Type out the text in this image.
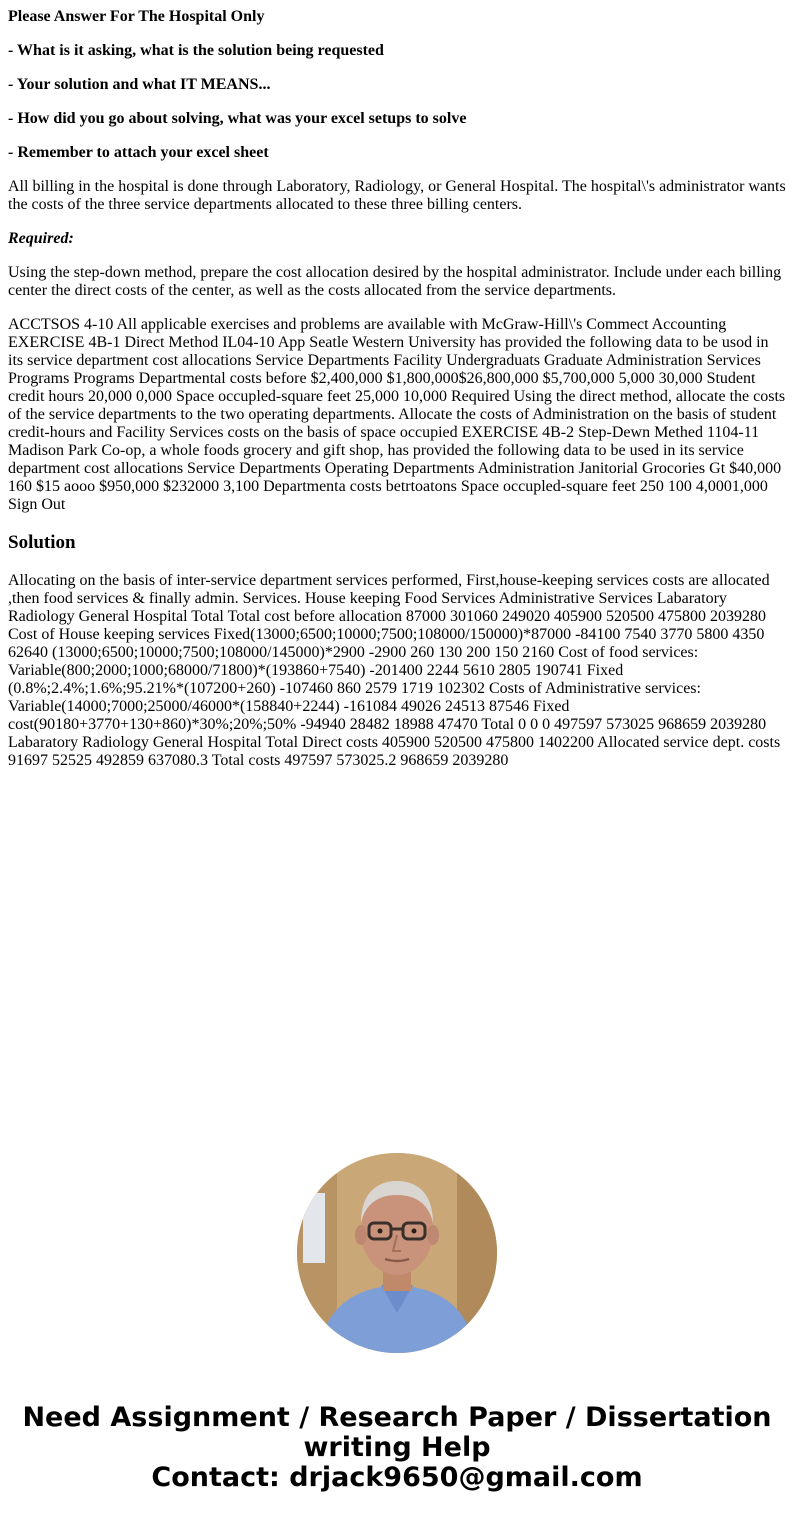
Please Answer For The Hospital Only
- What is it asking, what is the solution being requested
- Your solution and what IT MEANS...
- How did you go about solving, what was your excel setups to solve
- Remember to attach your excel sheet

All billing in the hospital is done through Laboratory, Radiology, or General Hospital. The hospital\'s administrator wants the costs of the three service departments allocated to these three billing centers.

Required:

Using the step-down method, prepare the cost allocation desired by the hospital administrator. Include under each billing center the direct costs of the center, as well as the costs allocated from the service departments.

ACCTSOS 4-10 All applicable exercises and problems are available with McGraw-Hill\'s Commect Accounting EXERCISE 4B-1 Direct Method IL04-10 App Seatle Western University has provided the following data to be usod in its service department cost allocations Service Departments Facility Undergraduats Graduate Administration Services Programs Programs Departmental costs before $2,400,000 $1,800,000$26,800,000 $5,700,000 5,000 30,000 Student credit hours 20,000 0,000 Space occupled-square feet 25,000 10,000 Required Using the direct method, allocate the costs of the service departments to the two operating departments. Allocate the costs of Administration on the basis of student credit-hours and Facility Services costs on the basis of space occupied EXERCISE 4B-2 Step-Dewn Methed 1104-11 Madison Park Co-op, a whole foods grocery and gift shop, has provided the following data to be used in its service department cost allocations Service Departments Operating Departments Administration Janitorial Grocories Gt $40,000 160 $15 aooo $950,000 $232000 3,100 Departmenta costs betrtoatons Space occupled-square feet 250 100 4,0001,000 Sign Out

Solution

Allocating on the basis of inter-service department services performed, First,house-keeping services costs are allocated ,then food services & finally admin. Services. House keeping Food Services Administrative Services Labaratory Radiology General Hospital Total Total cost before allocation 87000 301060 249020 405900 520500 475800 2039280 Cost of House keeping services Fixed(13000;6500;10000;7500;108000/150000)*87000 -84100 7540 3770 5800 4350 62640 (13000;6500;10000;7500;108000/145000)*2900 -2900 260 130 200 150 2160 Cost of food services: Variable(800;2000;1000;68000/71800)*(193860+7540) -201400 2244 5610 2805 190741 Fixed (0.8%;2.4%;1.6%;95.21%*(107200+260) -107460 860 2579 1719 102302 Costs of Administrative services: Variable(14000;7000;25000/46000*(158840+2244) -161084 49026 24513 87546 Fixed cost(90180+3770+130+860)*30%;20%;50% -94940 28482 18988 47470 Total 0 0 0 497597 573025 968659 2039280 Labaratory Radiology General Hospital Total Direct costs 405900 520500 475800 1402200 Allocated service dept. costs 91697 52525 492859 637080.3 Total costs 497597 573025.2 968659 2039280

Need Assignment / Research Paper / Dissertation
writing Help
Contact: drjack9650@gmail.com
